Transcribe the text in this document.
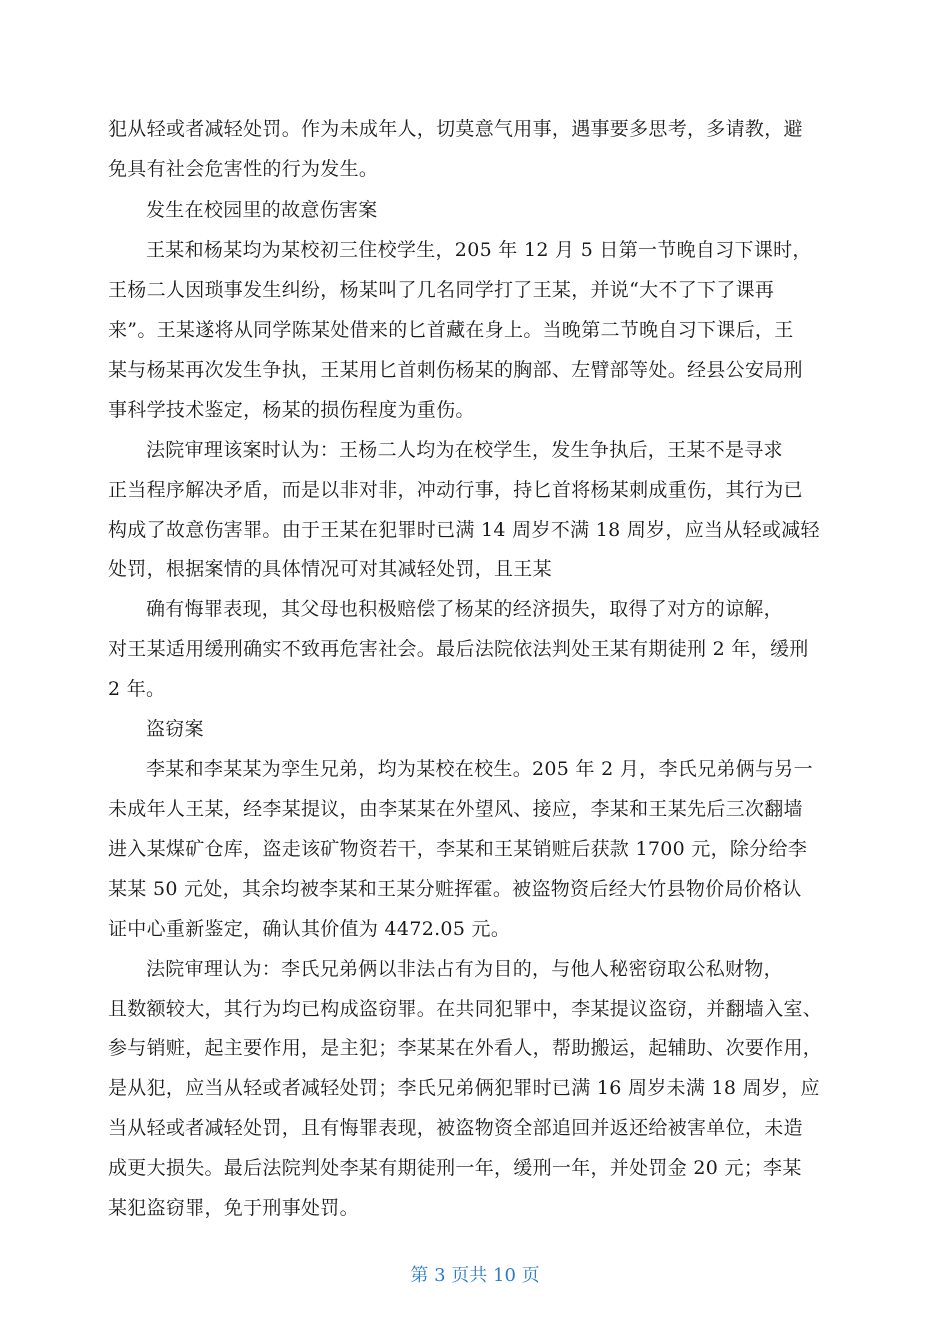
犯从轻或者减轻处罚。作为未成年人，切莫意气用事，遇事要多思考，多请教，避
免具有社会危害性的行为发生。
发生在校园里的故意伤害案
王某和杨某均为某校初三住校学生，205 年 12 月 5 日第一节晚自习下课时，
王杨二人因琐事发生纠纷，杨某叫了几名同学打了王某，并说“大不了下了课再
来”。王某遂将从同学陈某处借来的匕首藏在身上。当晚第二节晚自习下课后，王
某与杨某再次发生争执，王某用匕首刺伤杨某的胸部、左臂部等处。经县公安局刑
事科学技术鉴定，杨某的损伤程度为重伤。
法院审理该案时认为：王杨二人均为在校学生，发生争执后，王某不是寻求
正当程序解决矛盾，而是以非对非，冲动行事，持匕首将杨某刺成重伤，其行为已
构成了故意伤害罪。由于王某在犯罪时已满 14 周岁不满 18 周岁，应当从轻或减轻
处罚，根据案情的具体情况可对其减轻处罚，且王某
确有悔罪表现，其父母也积极赔偿了杨某的经济损失，取得了对方的谅解，
对王某适用缓刑确实不致再危害社会。最后法院依法判处王某有期徒刑 2 年，缓刑
2 年。
盗窃案
李某和李某某为孪生兄弟，均为某校在校生。205 年 2 月，李氏兄弟俩与另一
未成年人王某，经李某提议，由李某某在外望风、接应，李某和王某先后三次翻墙
进入某煤矿仓库，盗走该矿物资若干，李某和王某销赃后获款 1700 元，除分给李
某某 50 元处，其余均被李某和王某分赃挥霍。被盗物资后经大竹县物价局价格认
证中心重新鉴定，确认其价值为 4472.05 元。
法院审理认为：李氏兄弟俩以非法占有为目的，与他人秘密窃取公私财物，
且数额较大，其行为均已构成盗窃罪。在共同犯罪中，李某提议盗窃，并翻墙入室、
参与销赃，起主要作用，是主犯；李某某在外看人，帮助搬运，起辅助、次要作用，
是从犯，应当从轻或者减轻处罚；李氏兄弟俩犯罪时已满 16 周岁未满 18 周岁，应
当从轻或者减轻处罚，且有悔罪表现，被盗物资全部追回并返还给被害单位，未造
成更大损失。最后法院判处李某有期徒刑一年，缓刑一年，并处罚金 20 元；李某
某犯盗窃罪，免于刑事处罚。
第 3 页共 10 页
